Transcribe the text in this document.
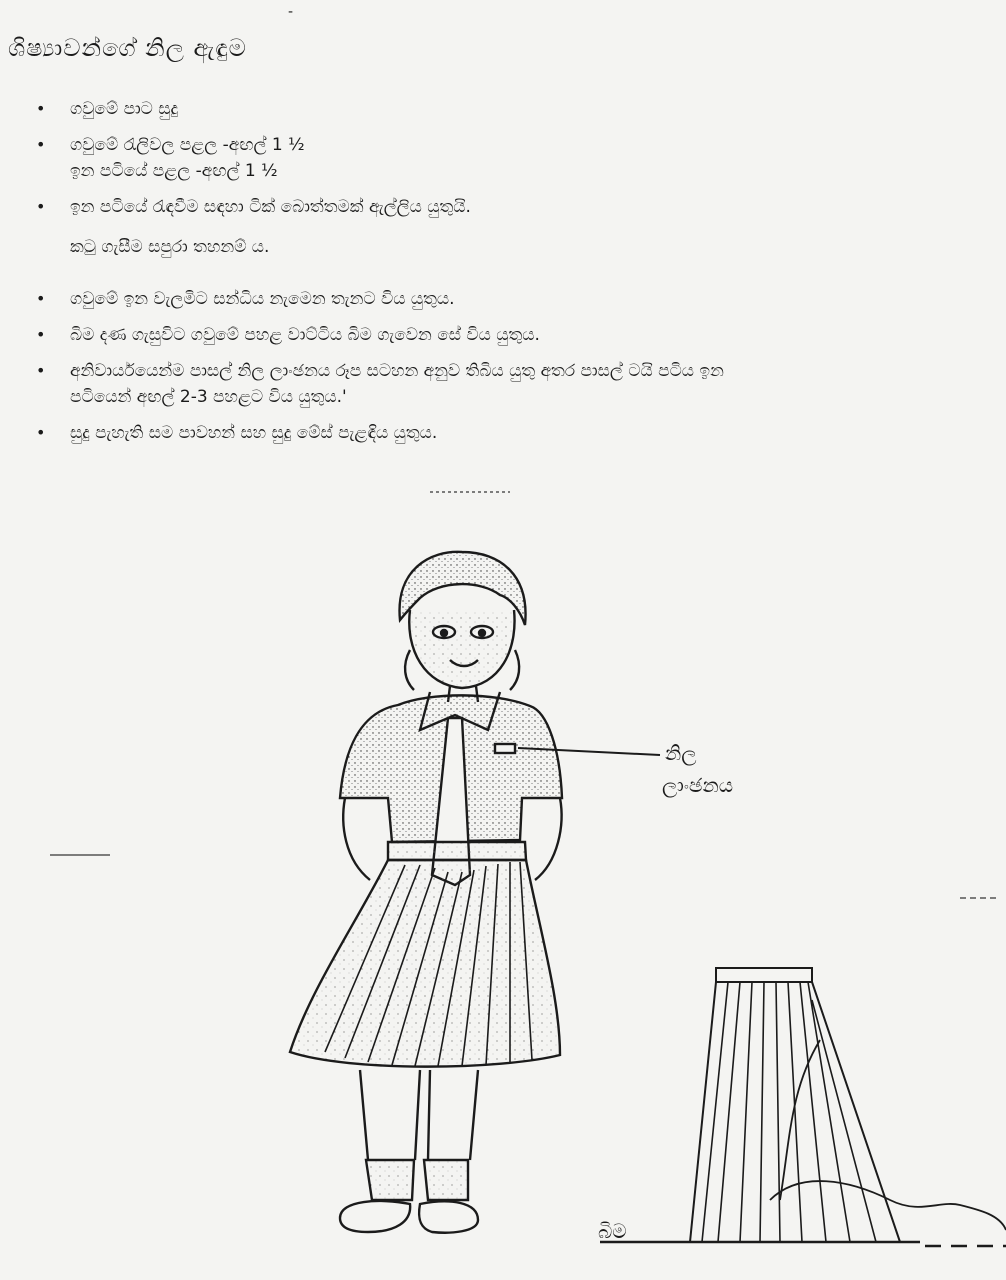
-
ශිෂ්‍යාවන්ගේ නිල ඇඳුම
• ගවුමේ පාට සුදු
• ගවුමේ රැලිවල පළල -අඟල් 1 ½
ඉන පටියේ පළල -අඟල් 1 ½
• ඉන පටියේ රැඳවීම සඳහා ටික් බොත්තමක් ඇල්ලිය යුතුයි.
කටු ගැසීම සපුරා තහනම් ය.
• ගවුමේ ඉන වැලමිට සන්ධිය නැමෙන තැනට විය යුතුය.
• බිම දණ ගැසුවිට ගවුමේ පහළ වාට්ටිය බිම ගැවෙන සේ විය යුතුය.
• අනිවාර්යයෙන්ම පාසල් නිල ලාංඡනය රූප සටහන අනුව තිබිය යුතු අතර පාසල් ටයි පටිය ඉන
පටියෙන් අඟල් 2-3 පහළට විය යුතුය.'
• සුදු පැහැති සම පාවහන් සහ සුදු මේස් පැළඳිය යුතුය.
නිල
ලාංඡනය
බිම
